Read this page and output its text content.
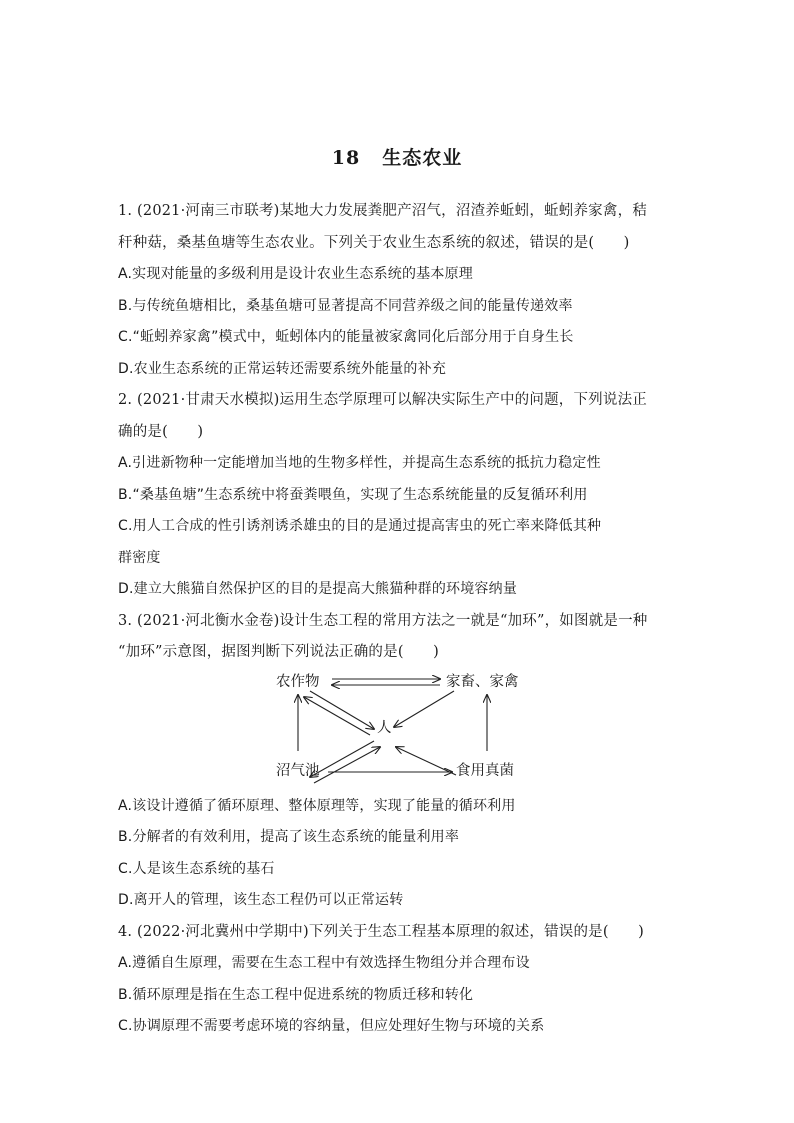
18 生态农业
1. (2021·河南三市联考)某地大力发展粪肥产沼气，沼渣养蚯蚓，蚯蚓养家禽，秸
秆种菇，桑基鱼塘等生态农业。下列关于农业生态系统的叙述，错误的是(　　)
A.实现对能量的多级利用是设计农业生态系统的基本原理
B.与传统鱼塘相比，桑基鱼塘可显著提高不同营养级之间的能量传递效率
C.“蚯蚓养家禽”模式中，蚯蚓体内的能量被家禽同化后部分用于自身生长
D.农业生态系统的正常运转还需要系统外能量的补充
2. (2021·甘肃天水模拟)运用生态学原理可以解决实际生产中的问题，下列说法正
确的是(　　)
A.引进新物种一定能增加当地的生物多样性，并提高生态系统的抵抗力稳定性
B.“桑基鱼塘”生态系统中将蚕粪喂鱼，实现了生态系统能量的反复循环利用
C.用人工合成的性引诱剂诱杀雄虫的目的是通过提高害虫的死亡率来降低其种
群密度
D.建立大熊猫自然保护区的目的是提高大熊猫种群的环境容纳量
3. (2021·河北衡水金卷)设计生态工程的常用方法之一就是“加环”，如图就是一种
“加环”示意图，据图判断下列说法正确的是(　　)
农作物	家畜、家禽
人
沼气池	食用真菌
A.该设计遵循了循环原理、整体原理等，实现了能量的循环利用
B.分解者的有效利用，提高了该生态系统的能量利用率
C.人是该生态系统的基石
D.离开人的管理，该生态工程仍可以正常运转
4. (2022·河北冀州中学期中)下列关于生态工程基本原理的叙述，错误的是(　　)
A.遵循自生原理，需要在生态工程中有效选择生物组分并合理布设
B.循环原理是指在生态工程中促进系统的物质迁移和转化
C.协调原理不需要考虑环境的容纳量，但应处理好生物与环境的关系
